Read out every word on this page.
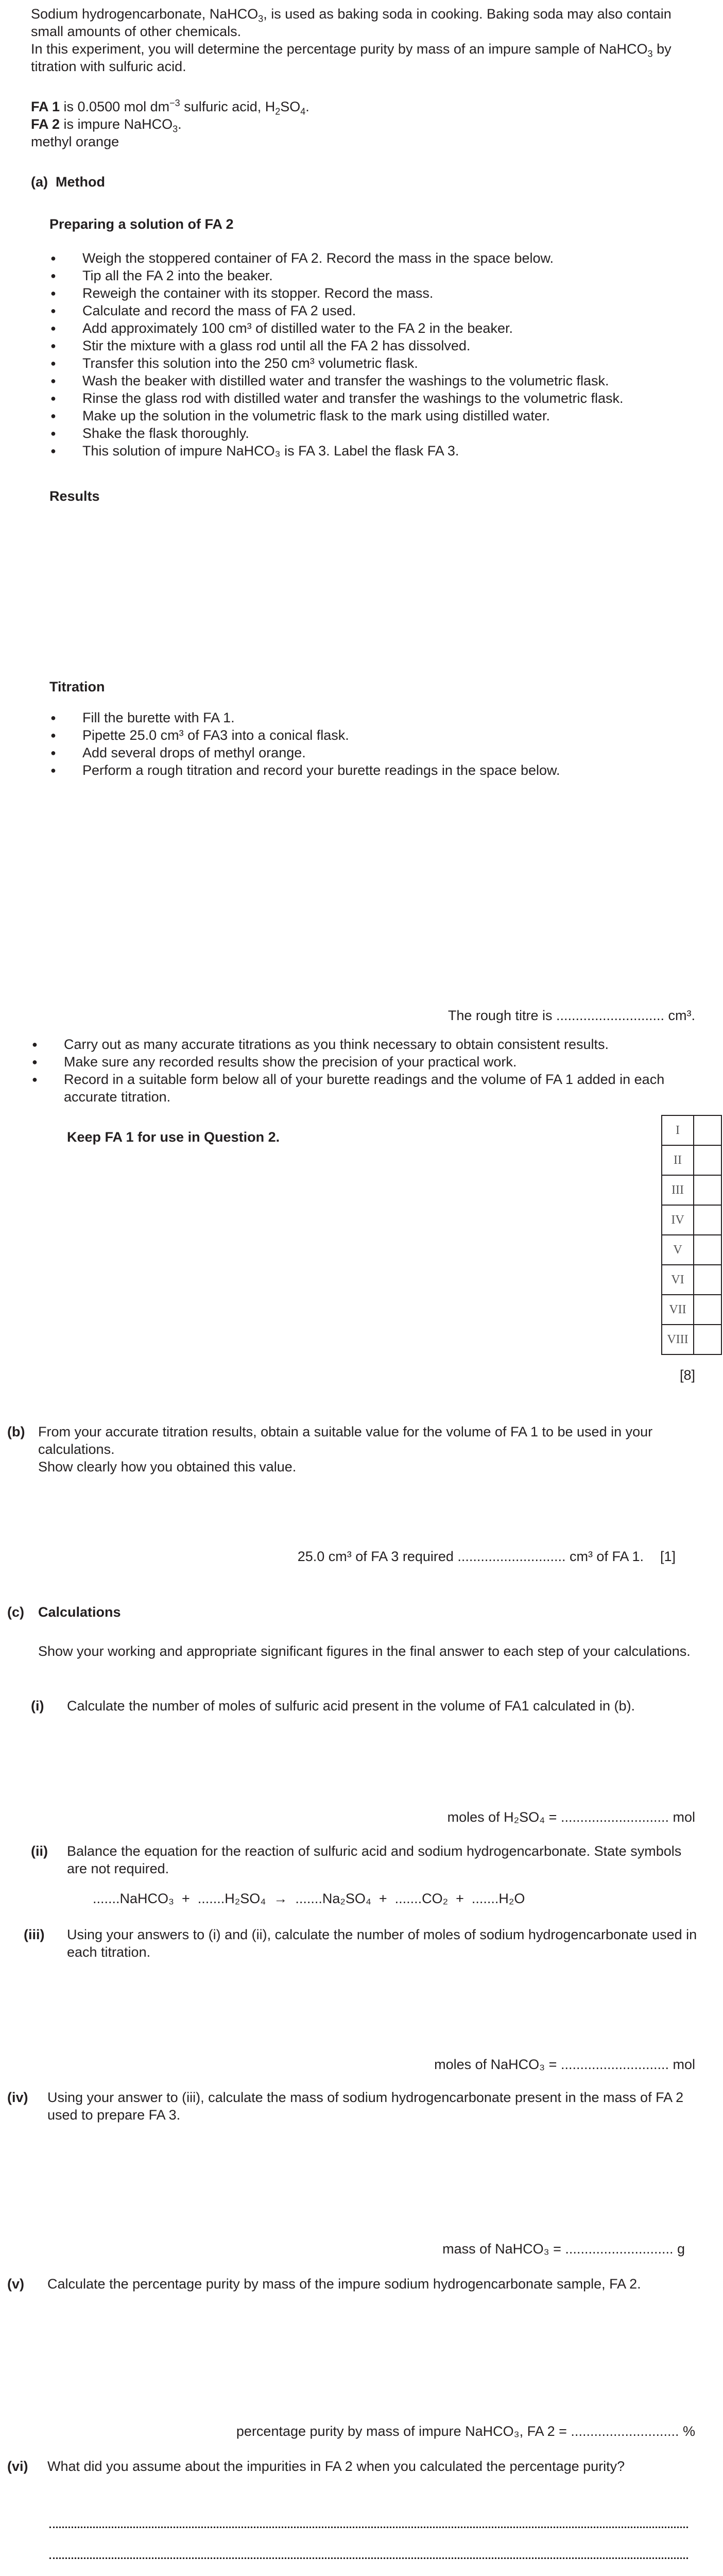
Sodium hydrogencarbonate, NaHCO$_3$, is used as baking soda in cooking. Baking soda may also contain small amounts of other chemicals.

In this experiment, you will determine the percentage purity by mass of an impure sample of NaHCO$_3$ by titration with sulfuric acid.

FA 1 is 0.0500 mol $dm^{-3}$ sulfuric acid, $H_2SO_4$.
FA 2 is impure NaHCO$_3$.
methyl orange
(a) Method
Preparing a solution of FA 2
● Weigh the stoppered container of FA 2. Record the mass in the space below.
● Tip all the FA 2 into the beaker.
● Reweigh the container with its stopper. Record the mass.
● Calculate and record the mass of FA 2 used.
● Add approximately 100 cm³ of distilled water to the FA 2 in the beaker.
● Stir the mixture with a glass rod until all the FA 2 has dissolved.
● Transfer this solution into the 250 cm³ volumetric flask.
● Wash the beaker with distilled water and transfer the washings to the volumetric flask.
● Rinse the glass rod with distilled water and transfer the washings to the volumetric flask.
● Make up the solution in the volumetric flask to the mark using distilled water.
● Shake the flask thoroughly.
● This solution of impure NaHCO₃ is FA 3. Label the flask FA 3.
Results
Titration
● Fill the burette with FA 1.
● Pipette 25.0 cm³ of FA3 into a conical flask.
● Add several drops of methyl orange.
● Perform a rough titration and record your burette readings in the space below.
The rough titre is ............................ cm³.
● Carry out as many accurate titrations as you think necessary to obtain consistent results.
● Make sure any recorded results show the precision of your practical work.
● Record in a suitable form below all of your burette readings and the volume of FA 1 added in each accurate titration.
Keep FA 1 for use in Question 2.	I	
II	
III	
IV	
V	
VI	
VII	
VIII	
[8]
(b) From your accurate titration results, obtain a suitable value for the volume of FA 1 to be used in your calculations.
Show clearly how you obtained this value.

25.0 cm³ of FA 3 required ............................ cm³ of FA 1. [1]
(c) Calculations

Show your working and appropriate significant figures in the final answer to each step of your calculations.

(i) Calculate the number of moles of sulfuric acid present in the volume of FA1 calculated in (b).

moles of H₂SO₄ = ............................ mol
(ii) Balance the equation for the reaction of sulfuric acid and sodium hydrogencarbonate. State symbols are not required.

.......NaHCO₃  +  .......H₂SO₄  →  .......Na₂SO₄  +  .......CO₂  +  .......H₂O
(iii) Using your answers to (i) and (ii), calculate the number of moles of sodium hydrogencarbonate used in each titration.

moles of NaHCO₃ = ............................ mol
(iv) Using your answer to (iii), calculate the mass of sodium hydrogencarbonate present in the mass of FA 2 used to prepare FA 3.

mass of NaHCO₃ = ............................ g
(v) Calculate the percentage purity by mass of the impure sodium hydrogencarbonate sample, FA 2.

percentage purity by mass of impure NaHCO₃, FA 2 = ............................ %
(vi) What did you assume about the impurities in FA 2 when you calculated the percentage purity?
